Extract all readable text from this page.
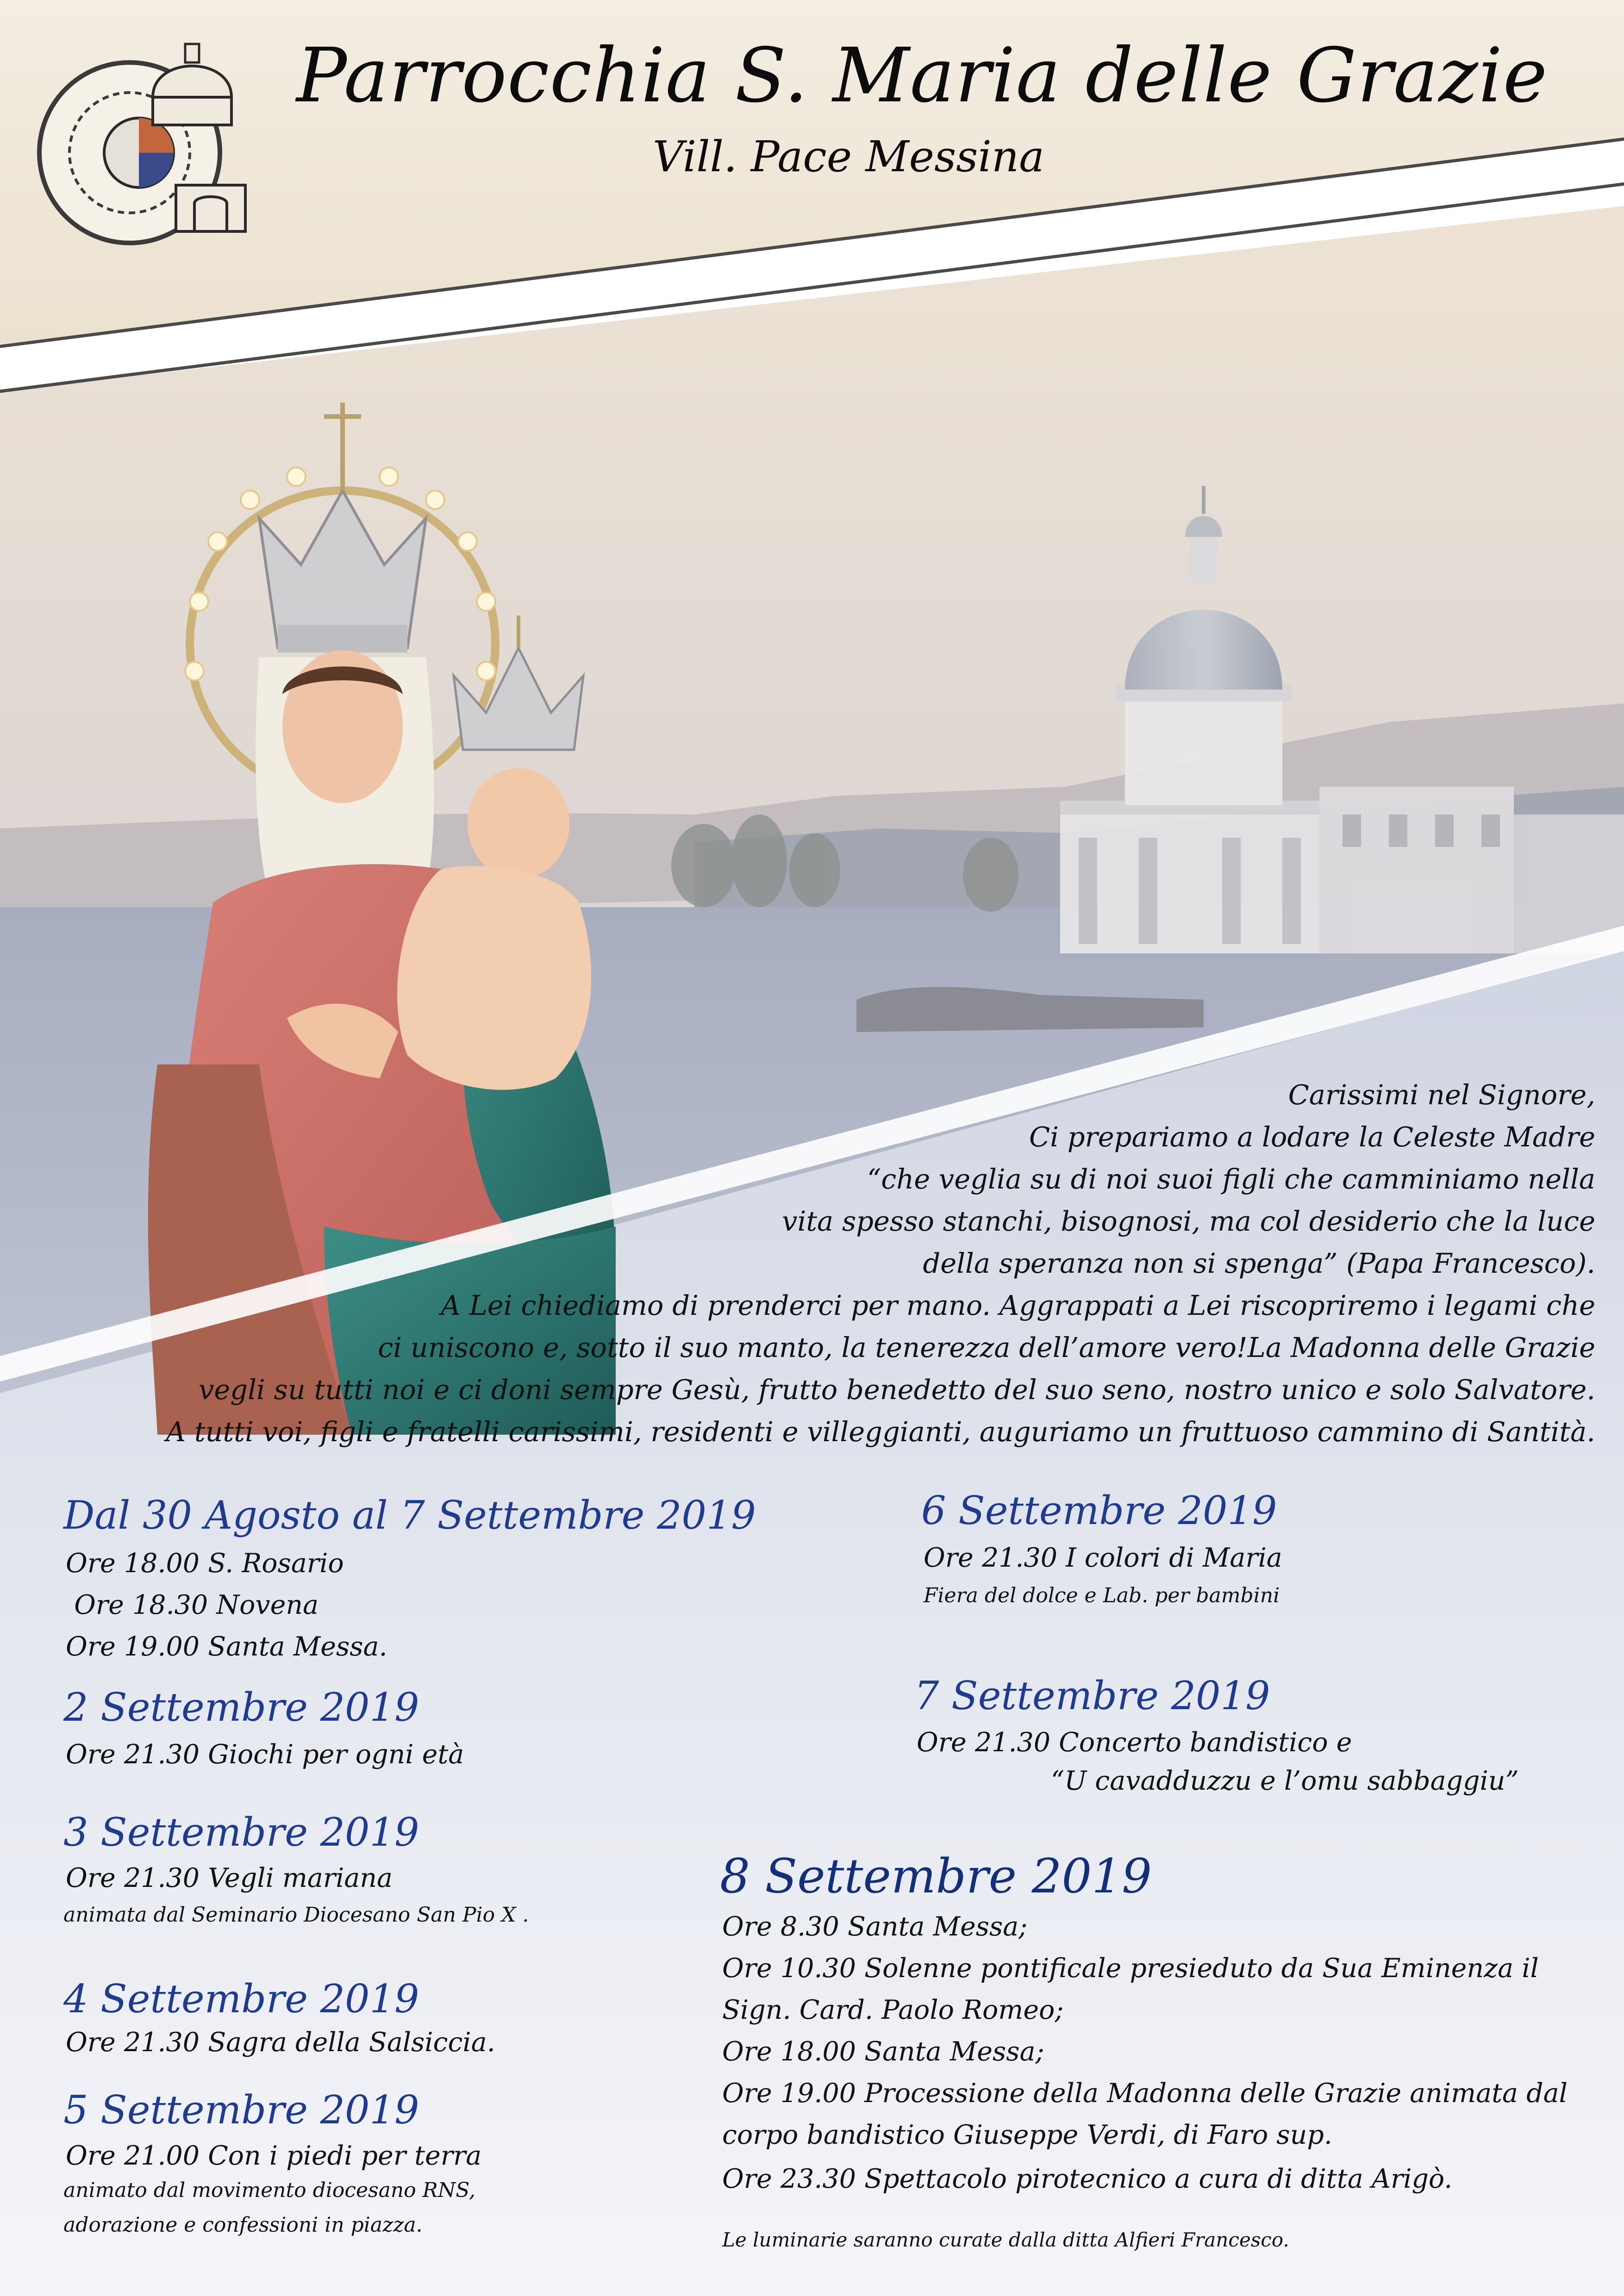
Parrocchia S. Maria delle Grazie
Vill. Pace Messina
Carissimi nel Signore,
Ci prepariamo a lodare la Celeste Madre
“che veglia su di noi suoi figli che camminiamo nella
vita spesso stanchi, bisognosi, ma col desiderio che la luce
della speranza non si spenga” (Papa Francesco).
A Lei chiediamo di prenderci per mano. Aggrappati a Lei riscopriremo i legami che
ci uniscono e, sotto il suo manto, la tenerezza dell’amore vero!La Madonna delle Grazie
vegli su tutti noi e ci doni sempre Gesù, frutto benedetto del suo seno, nostro unico e solo Salvatore.
A tutti voi, figli e fratelli carissimi, residenti e villeggianti, auguriamo un fruttuoso cammino di Santità.
Dal 30 Agosto al 7 Settembre 2019
Ore 18.00 S. Rosario
Ore 18.30 Novena
Ore 19.00 Santa Messa.
2 Settembre 2019
Ore 21.30 Giochi per ogni età
3 Settembre 2019
Ore 21.30 Vegli mariana
animata dal Seminario Diocesano San Pio X .
4 Settembre 2019
Ore 21.30 Sagra della Salsiccia.
5 Settembre 2019
Ore 21.00 Con i piedi per terra
animato dal movimento diocesano RNS,
adorazione e confessioni in piazza.
6 Settembre 2019
Ore 21.30 I colori di Maria
Fiera del dolce e Lab. per bambini
7 Settembre 2019
Ore 21.30 Concerto bandistico e
“U cavadduzzu e l’omu sabbaggiu”
8 Settembre 2019
Ore 8.30 Santa Messa;
Ore 10.30 Solenne pontificale presieduto da Sua Eminenza il
Sign. Card. Paolo Romeo;
Ore 18.00 Santa Messa;
Ore 19.00 Processione della Madonna delle Grazie animata dal
corpo bandistico Giuseppe Verdi, di Faro sup.
Ore 23.30 Spettacolo pirotecnico a cura di ditta Arigò.
Le luminarie saranno curate dalla ditta Alfieri Francesco.
